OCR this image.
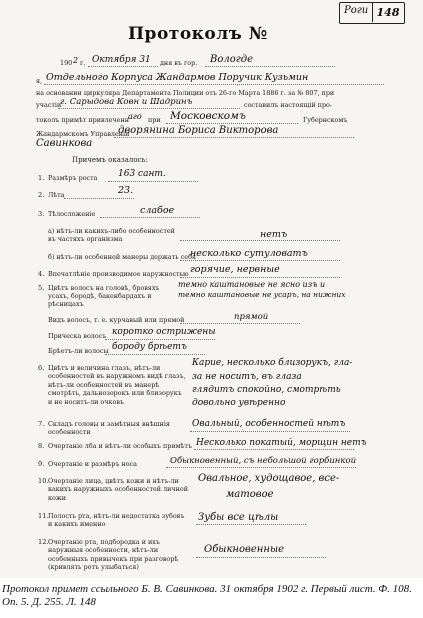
Роги 148
Протоколъ №
190 2 г. Октября 31 дня въ гор. Вологде
я, Отдельного Корпуса Жандармов Поручик Кузьмин
на основании циркуляра Департамента Полиции отъ 26-го Марта 1886 г. за № 807, при
участіи
г. Сарыдова Ковн и Шадринъ	составилъ настоящій про-
токолъ примѣт привлеченн аго при Московскомъ	Губернскомъ
Жандармскомъ Управленіи
дворянина Бориса Викторова
Савинкова
Причемъ оказалось:
1. Размѣръ роста 163 сант.
2. Лѣта	23.
3. Тѣлосложеніе	слабое
а) нѣтъ-ли какихъ-либо особенностей въ частяхъ организма	нетъ
б) нѣтъ-ли особенной манеры держать себя
несколько сутуловатъ
4. Впечатлѣніе производимое наружностью горячие, нервные
5. Цвѣтъ волосъ на головѣ, бровяхъ усахъ, бородѣ, бакенбардахъ и рѣсницахъ
темно каштановые не ясно изъ и
темно каштановые не усаръ, на нижних
Видъ волосъ, т. е. курчавый или прямой	прямой
Прическа волосъ коротко острижены
Брѣетъ-ли волосы бороду брѣетъ
6. Цвѣтъ и величина глазъ, нѣтъ-ли особенностей въ наружномъ видѣ глазъ, нѣтъ-ли особенностей въ манерѣ смотрѣть, дальнозорокъ или близорукъ и не носитъ-ли очковъ
Карие, несколько близорукъ, гла-
за не носитъ, въ глаза
глядитъ спокойно, смотрѣть
довольно увѣренно
7. Складъ головы и замѣтныя внѣшнія особенности
Овальный, особенностей нѣтъ
8. Очертаніе лба и нѣтъ-ли особыхъ примѣтъ Несколько покатый, морщин нетъ
9. Очертаніе и размѣръ носа	Обыкновенный, съ небольшой горбинкой
10. Очертаніе лица, цвѣтъ кожи и нѣтъ-ли какихъ наружныхъ особенностей личной кожи
Овальное, худощавое, все-
матовое
11. Полость рта, нѣтъ-ли недостатка зубовъ и какихъ именно
Зубы все цѣлы
12. Очертаніе рта, подбородка и ихъ наружныя особенности, нѣтъ-ли особенныхъ привычекъ при разговорѣ (кривлять ротъ улыбаться)
Обыкновенные
Протокол примет ссыльного Б. В. Савинкова. 31 октября 1902 г. Первый лист. Ф. 108. Оп. 5. Д. 255. Л. 148
